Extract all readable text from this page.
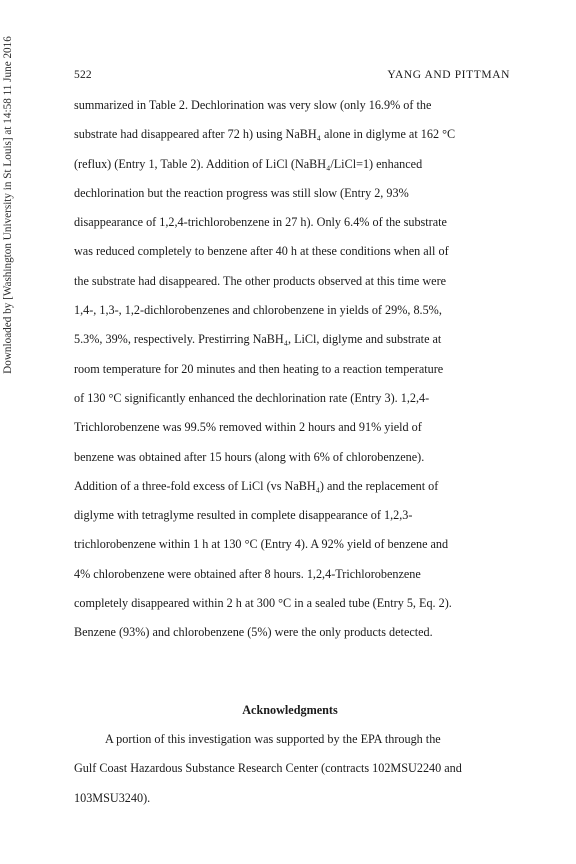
Downloaded by [Washington University in St Louis] at 14:58 11 June 2016	522	YANG AND PITTMAN
summarized in Table 2. Dechlorination was very slow (only 16.9% of the
substrate had disappeared after 72 h) using NaBH₄ alone in diglyme at 162 °C
(reflux) (Entry 1, Table 2). Addition of LiCl (NaBH₄/LiCl=1) enhanced
dechlorination but the reaction progress was still slow (Entry 2, 93%
disappearance of 1,2,4-trichlorobenzene in 27 h). Only 6.4% of the substrate
was reduced completely to benzene after 40 h at these conditions when all of
the substrate had disappeared. The other products observed at this time were
1,4-, 1,3-, 1,2-dichlorobenzenes and chlorobenzene in yields of 29%, 8.5%,
5.3%, 39%, respectively. Prestirring NaBH₄, LiCl, diglyme and substrate at
room temperature for 20 minutes and then heating to a reaction temperature
of 130 °C significantly enhanced the dechlorination rate (Entry 3). 1,2,4-
Trichlorobenzene was 99.5% removed within 2 hours and 91% yield of
benzene was obtained after 15 hours (along with 6% of chlorobenzene).
Addition of a three-fold excess of LiCl (vs NaBH₄) and the replacement of
diglyme with tetraglyme resulted in complete disappearance of 1,2,3-
trichlorobenzene within 1 h at 130 °C (Entry 4). A 92% yield of benzene and
4% chlorobenzene were obtained after 8 hours. 1,2,4-Trichlorobenzene
completely disappeared within 2 h at 300 °C in a sealed tube (Entry 5, Eq. 2).
Benzene (93%) and chlorobenzene (5%) were the only products detected.
Acknowledgments
A portion of this investigation was supported by the EPA through the
Gulf Coast Hazardous Substance Research Center (contracts 102MSU2240 and
103MSU3240).
